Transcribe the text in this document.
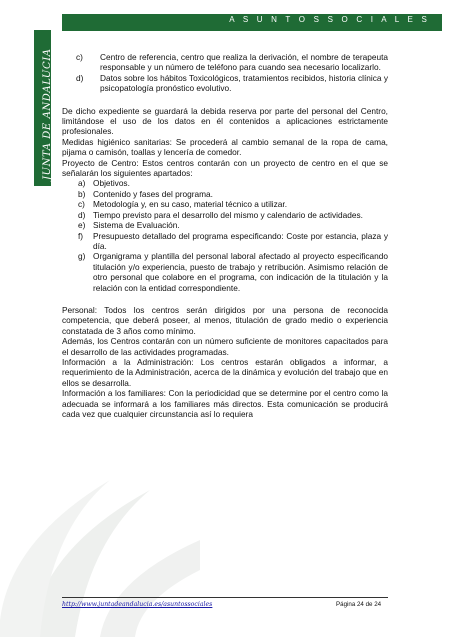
A S U N T O S S O C I A L E S
c o n s e j e r í a d e
JUNTA DE ANDALUCIA	c)	Centro de referencia, centro que realiza la derivación, el nombre de terapeuta responsable y un número de teléfono para cuando sea necesario localizarlo.
d)	Datos sobre los hábitos Toxicológicos, tratamientos recibidos, historia clínica y psicopatología pronóstico evolutivo.

De dicho expediente se guardará la debida reserva por parte del personal del Centro, limitándose el uso de los datos en él contenidos a aplicaciones estrictamente profesionales.

Medidas higiénico sanitarias: Se procederá al cambio semanal de la ropa de cama, pijama o camisón, toallas y lencería de comedor.

Proyecto de Centro: Estos centros contarán con un proyecto de centro en el que se señalarán los siguientes apartados:

a) Objetivos.
b) Contenido y fases del programa.
c) Metodología y, en su caso, material técnico a utilizar.
d) Tiempo previsto para el desarrollo del mismo y calendario de actividades.
e) Sistema de Evaluación.
f)	Presupuesto detallado del programa especificando: Coste por estancia, plaza y día.
g) Organigrama y plantilla del personal laboral afectado al proyecto especificando titulación y/o experiencia, puesto de trabajo y retribución. Asimismo relación de otro personal que colabore en el programa, con indicación de la titulación y la relación con la entidad correspondiente.

Personal: Todos los centros serán dirigidos por una persona de reconocida competencia, que deberá poseer, al menos, titulación de grado medio o experiencia constatada de 3 años como mínimo.

Además, los Centros contarán con un número suficiente de monitores capacitados para el desarrollo de las actividades programadas.

Información a la Administración: Los centros estarán obligados a informar, a requerimiento de la Administración, acerca de la dinámica y evolución del trabajo que en ellos se desarrolla.

Información a los familiares: Con la periodicidad que se determine por el centro como la adecuada se informará a los familiares más directos. Esta comunicación se producirá cada vez que cualquier circunstancia así lo requiera

http://www.juntadeandalucia.es/asuntossociales	Página 24 de 24
